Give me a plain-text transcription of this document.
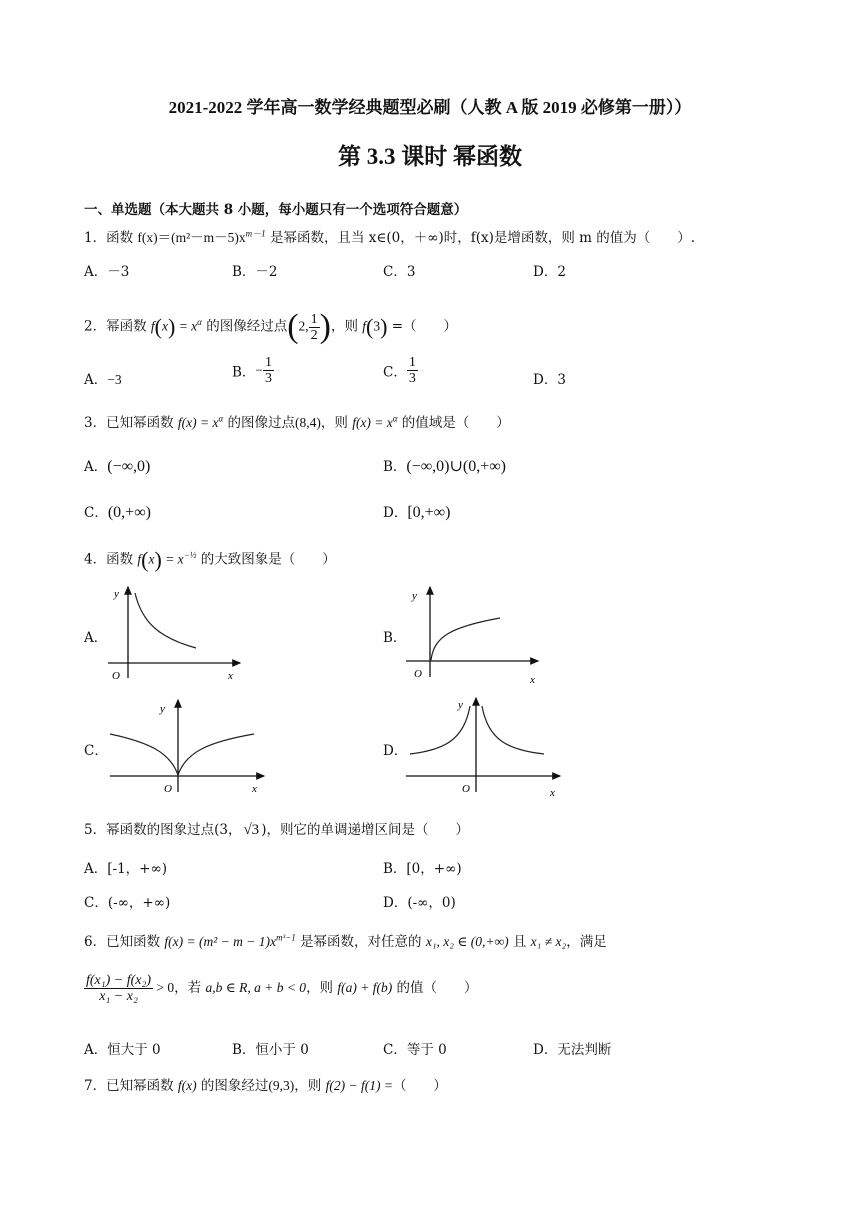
2021-2022 学年高一数学经典题型必刷（人教 A 版 2019 必修第一册））
第 3.3 课时 幂函数
一、单选题（本大题共 8 小题，每小题只有一个选项符合题意）
1．函数 $f(x)=(m^2-m-5)x^{m-1}$ 是幂函数，且当 x∈(0，＋∞)时，f(x)是增函数，则 m 的值为（　　）.
A．－3	B．－2	C．3	D．2
2．幂函数 $f(x) = x^\alpha$ 的图像经过点(2, $\frac{1}{2}$ )，则 f(3) =（　　）
A．−3	B．− $\frac{1}{3}$	C． $\frac{1}{3}$	D．3
3．已知幂函数 $f(x) = x^\alpha$ 的图像过点(8,4)，则 $f(x) = x^\alpha$ 的值域是（　　）
A．(−∞,0)	B．(−∞,0)∪(0,+∞)
C．(0,+∞)	D．[0,+∞)
4．函数 $f(x) = x^{-\frac{1}{2}}$ 的大致图象是（　　）
A．	B．
C．	D．
y
O	x
y
O	x
y
O	x
y
O	x
5．幂函数的图象过点(3， √3 )，则它的单调递增区间是（　　）
A．[-1，+∞)	B．[0，+∞)
C．(-∞，+∞)	D．(-∞，0)
6．已知函数 $f(x) = (m^2 - m - 1)x^{m^3-1}$ 是幂函数，对任意的 x₁, x₂ ∈ (0,+∞) 且 x₁ ≠ x₂，满足
$\frac{\text{f(x₁) − f(x₂)}}{\text{x₁ − x₂}} > 0$，若 a,b ∈ R, a + b < 0，则 f(a) + f(b) 的值（　　）
A．恒大于 0	B．恒小于 0	C．等于 0	D．无法判断
7．已知幂函数 f(x) 的图象经过(9,3)，则 f(2) − f(1) =（　　）
